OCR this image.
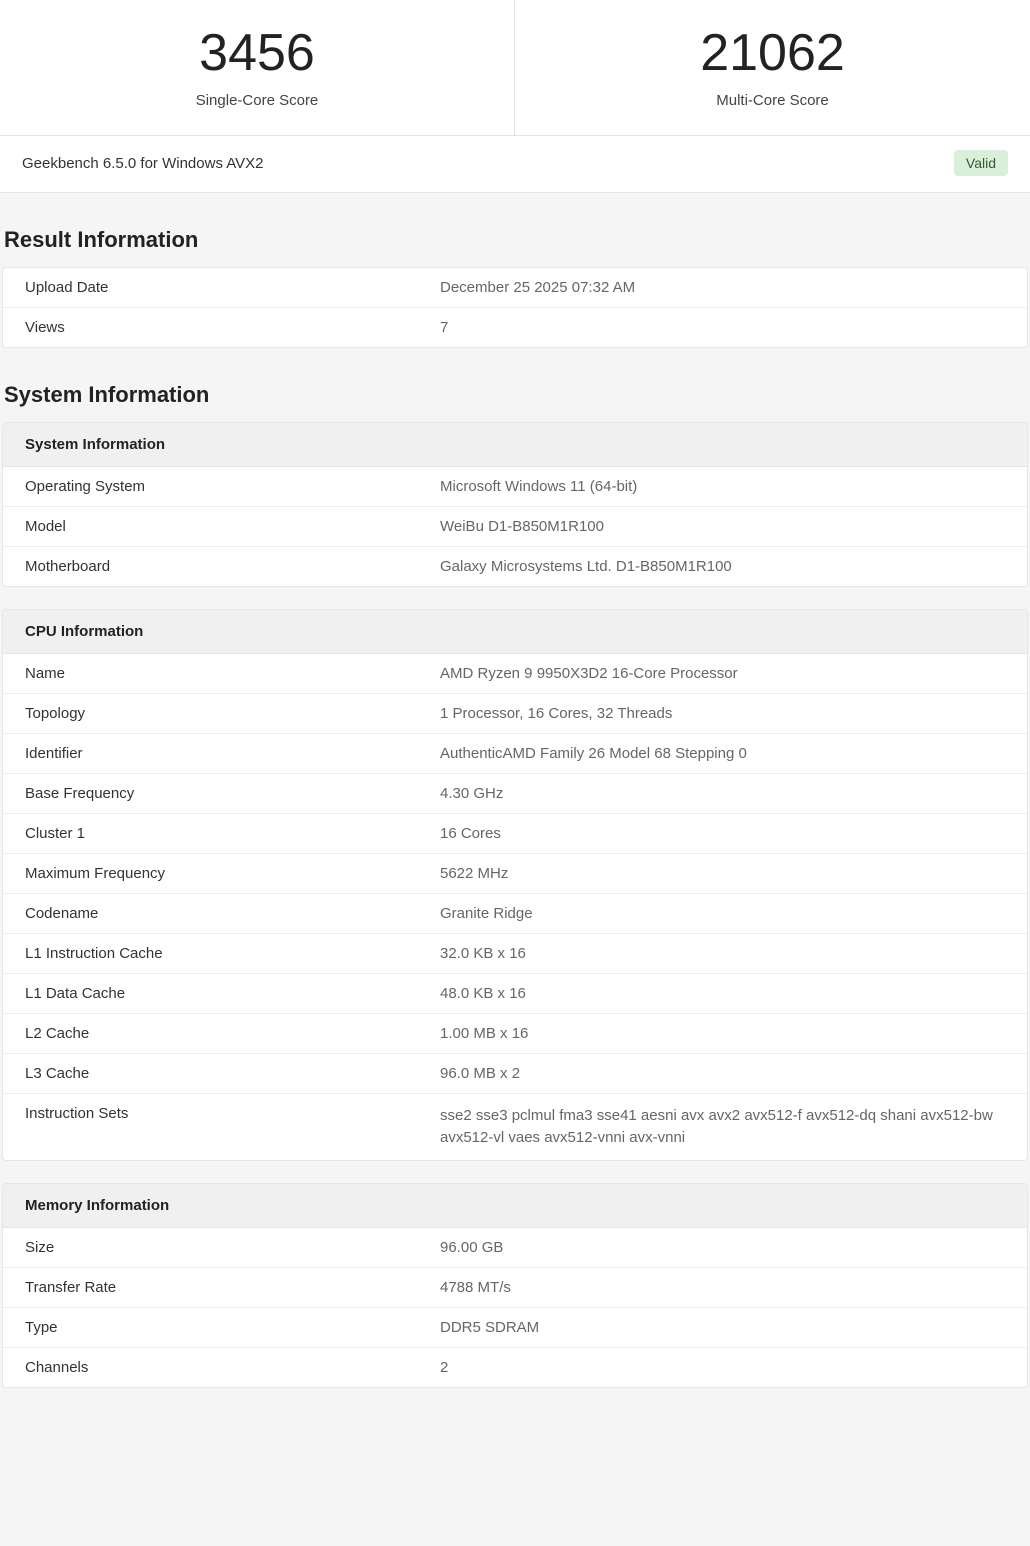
3456
Single-Core Score
21062
Multi-Core Score
Geekbench 6.5.0 for Windows AVX2	Valid
Result Information
Upload Date	December 25 2025 07:32 AM
Views	7
System Information
System Information
Operating System	Microsoft Windows 11 (64-bit)
Model	WeiBu D1-B850M1R100
Motherboard	Galaxy Microsystems Ltd. D1-B850M1R100
CPU Information
Name	AMD Ryzen 9 9950X3D2 16-Core Processor
Topology	1 Processor, 16 Cores, 32 Threads
Identifier	AuthenticAMD Family 26 Model 68 Stepping 0
Base Frequency	4.30 GHz
Cluster 1	16 Cores
Maximum Frequency	5622 MHz
Codename	Granite Ridge
L1 Instruction Cache	32.0 KB x 16
L1 Data Cache	48.0 KB x 16
L2 Cache	1.00 MB x 16
L3 Cache	96.0 MB x 2
Instruction Sets	sse2 sse3 pclmul fma3 sse41 aesni avx avx2 avx512-f avx512-dq shani avx512-bw avx512-vl vaes avx512-vnni avx-vnni
Memory Information
Size	96.00 GB
Transfer Rate	4788 MT/s
Type	DDR5 SDRAM
Channels	2
